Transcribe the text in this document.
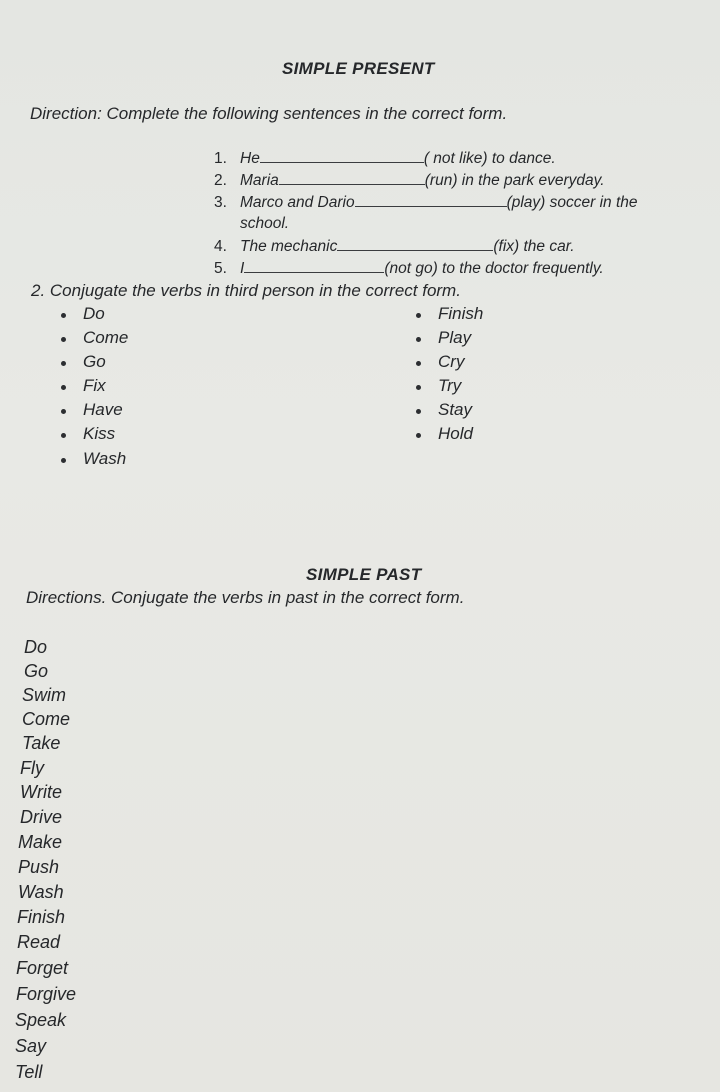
SIMPLE PRESENT
Direction: Complete the following sentences in the correct form.
1. He	( not like) to dance.
2. Maria	(run) in the park everyday.
3. Marco and Dario	(play) soccer in the
school.
4. The mechanic	(fix) the car.
5. I	(not go) to the doctor frequently.
2. Conjugate the verbs in third person in the correct form.
Do
Come
Go
Fix
Have
Kiss
Wash
Finish
Play
Cry
Try
Stay
Hold
SIMPLE PAST
Directions. Conjugate the verbs in past in the correct form.
Do
Go
Swim
Come
Take
Fly
Write
Drive
Make
Push
Wash
Finish
Read
Forget
Forgive
Speak
Say
Tell
